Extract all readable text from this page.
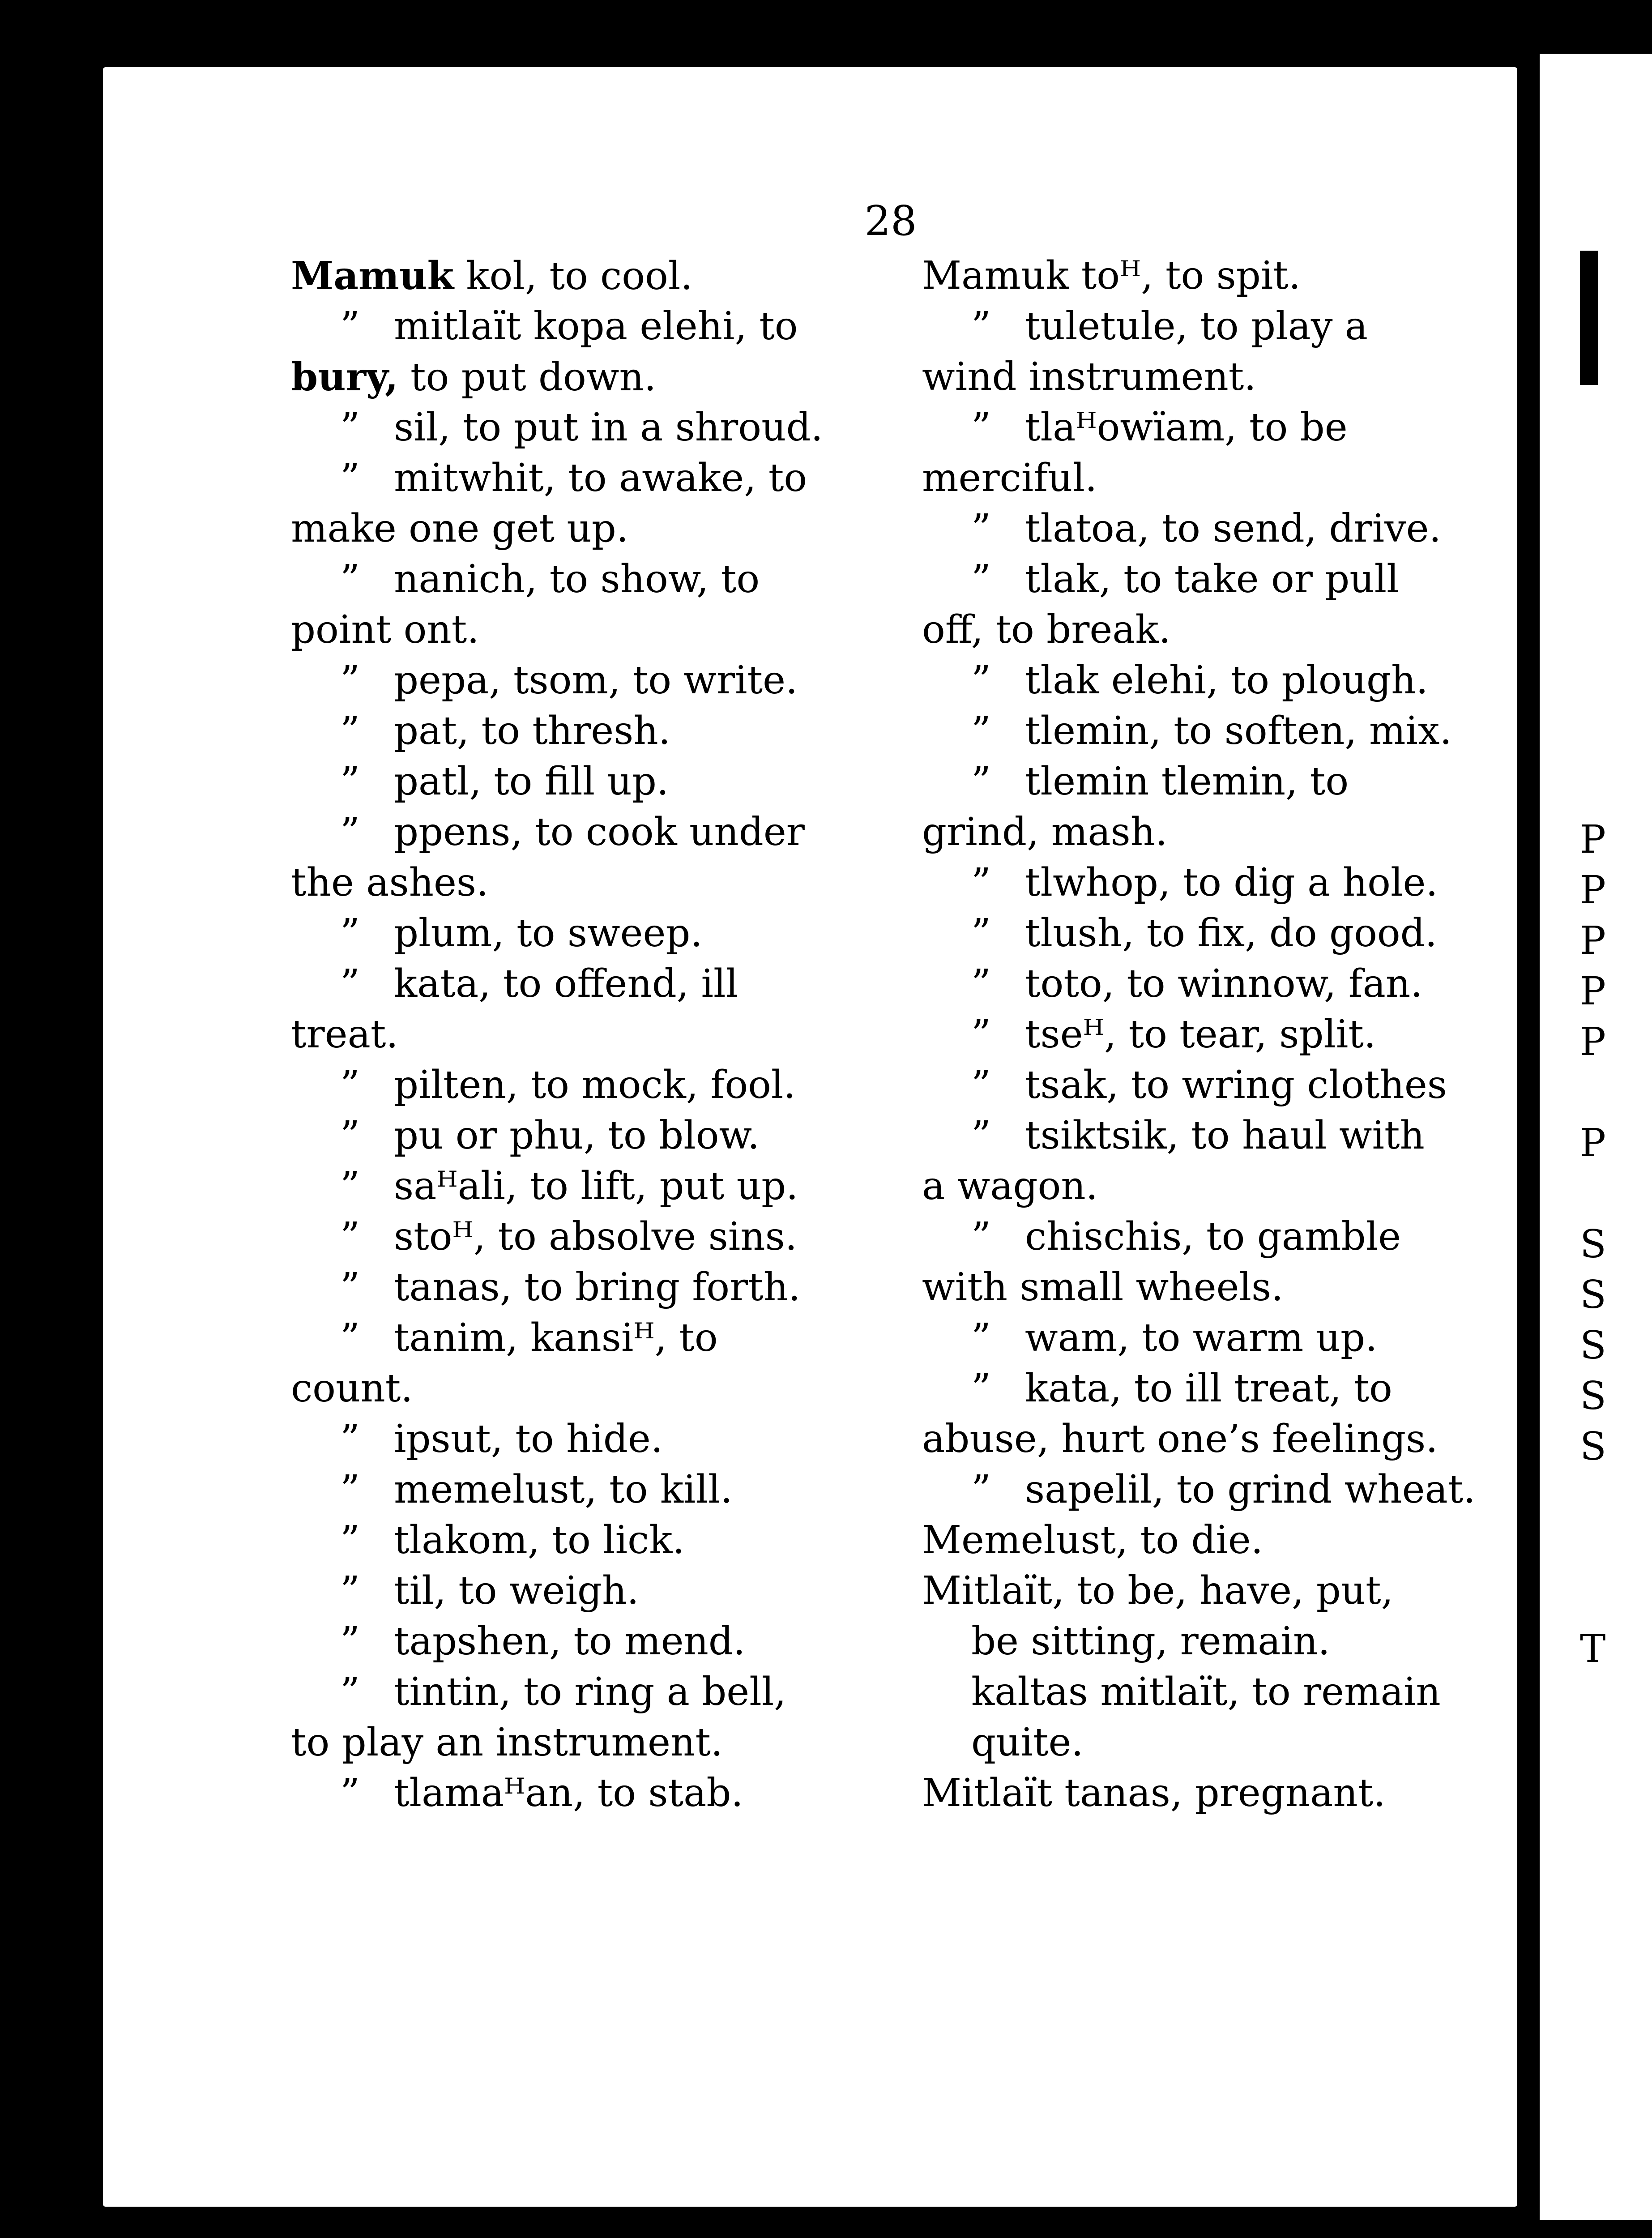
28
Mamuk kol, to cool.
” mitlaït kopa elehi, to
bury, to put down.
” sil, to put in a shroud.
” mitwhit, to awake, to
make one get up.
” nanich, to show, to
point ont.
” pepa, tsom, to write.
” pat, to thresh.
” patl, to fill up.
” ppens, to cook under
the ashes.
” plum, to sweep.
” kata, to offend, ill
treat.
” pilten, to mock, fool.
” pu or phu, to blow.
” saᵸali, to lift, put up.
” stoᵸ, to absolve sins.
” tanas, to bring forth.
” tanim, kansiᵸ, to
count.
” ipsut, to hide.
” memelust, to kill.
” tlakom, to lick.
” til, to weigh.
” tapshen, to mend.
” tintin, to ring a bell,
to play an instrument.
” tlamaᵸan, to stab.
Mamuk toᵸ, to spit.
” tuletule, to play a
wind instrument.
” tlaᵸowïam, to be
merciful.
” tlatoa, to send, drive.
” tlak, to take or pull
off, to break.
” tlak elehi, to plough.
” tlemin, to soften, mix.
” tlemin tlemin, to
grind, mash.
” tlwhop, to dig a hole.
” tlush, to fix, do good.
” toto, to winnow, fan.
” tseᵸ, to tear, split.
” tsak, to wring clothes
” tsiktsik, to haul with
a wagon.
” chischis, to gamble
with small wheels.
” wam, to warm up.
” kata, to ill treat, to
abuse, hurt one’s feelings.
” sapelil, to grind wheat.
Memelust, to die.
Mitlaït, to be, have, put,
be sitting, remain.
kaltas mitlaït, to remain
quite.
Mitlaït tanas, pregnant.
P
P
P
P
P
P
S
S
S
S
S
T
